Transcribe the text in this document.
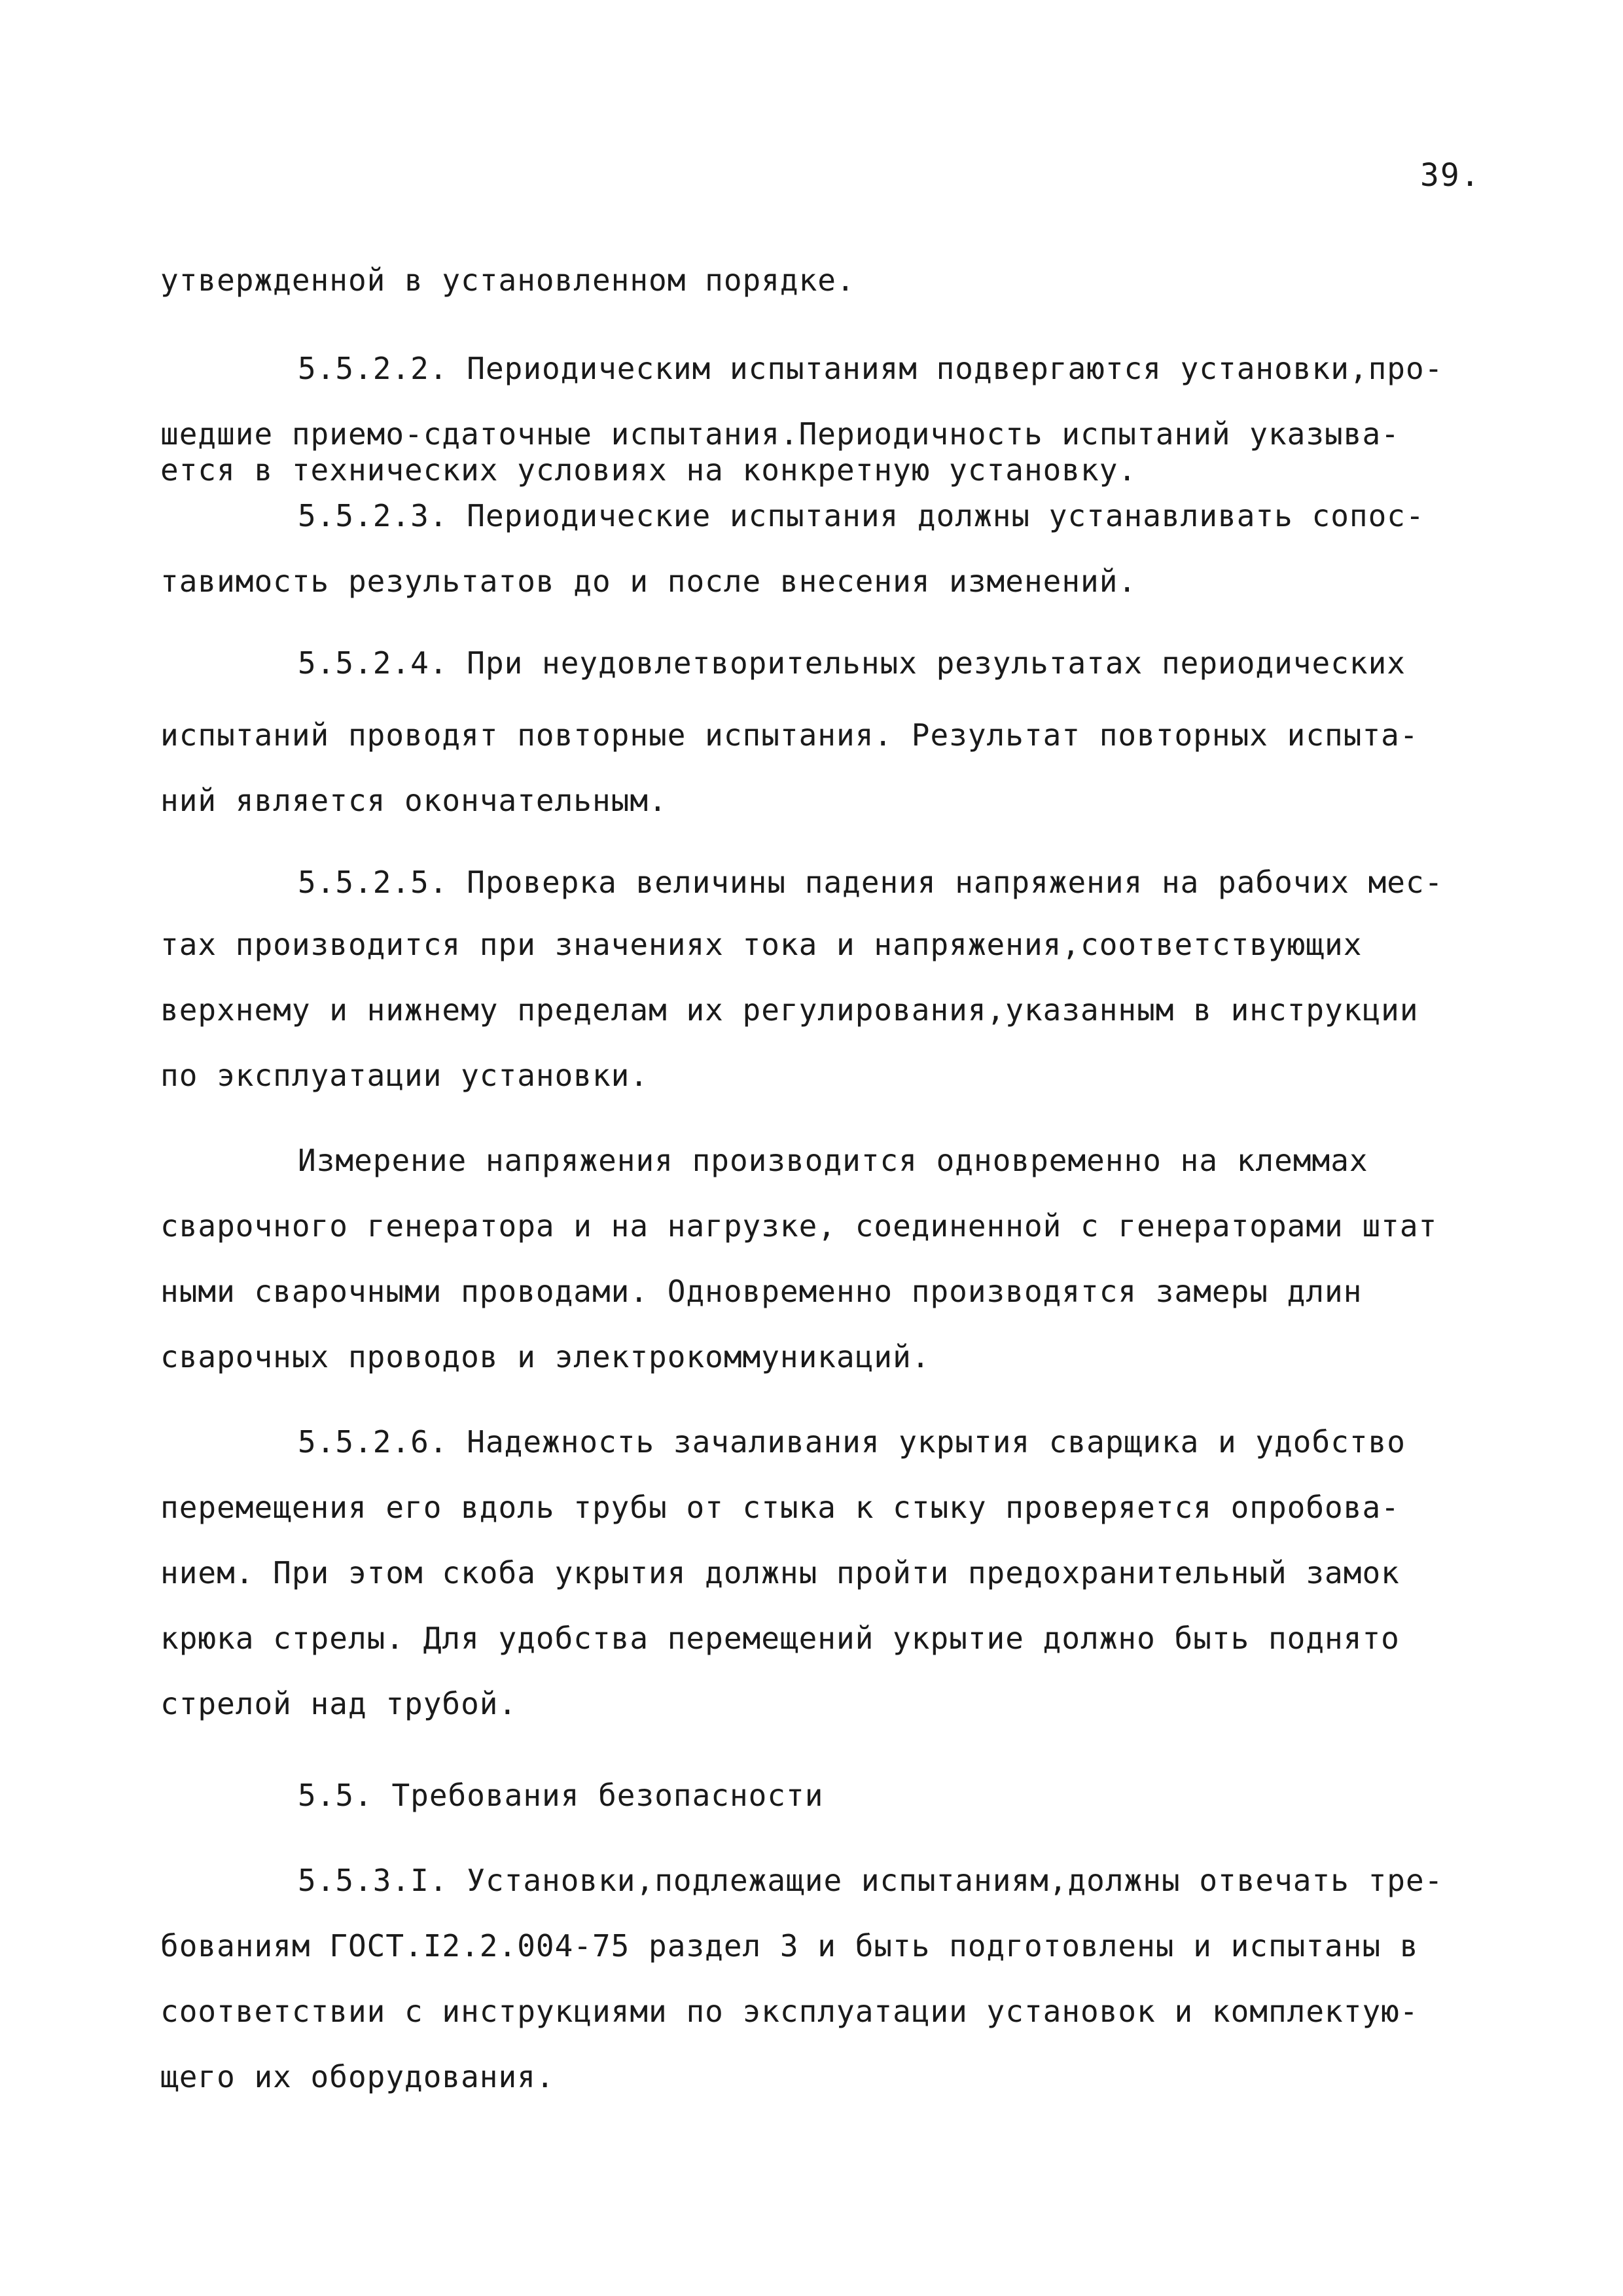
39.
утвержденной в установленном порядке.
5.5.2.2. Периодическим испытаниям подвергаются установки,про-
шедшие приемо-сдаточные испытания.Периодичность испытаний указыва-
ется в технических условиях на конкретную установку.
5.5.2.3. Периодические испытания должны устанавливать сопос-
тавимость результатов до и после внесения изменений.
5.5.2.4. При неудовлетворительных результатах периодических
испытаний проводят повторные испытания. Результат повторных испыта-
ний является окончательным.
5.5.2.5. Проверка величины падения напряжения на рабочих мес-
тах производится при значениях тока и напряжения,соответствующих
верхнему и нижнему пределам их регулирования,указанным в инструкции
по эксплуатации установки.
Измерение напряжения производится одновременно на клеммах
сварочного генератора и на нагрузке, соединенной с генераторами штат
ными сварочными проводами. Одновременно производятся замеры длин
сварочных проводов и электрокоммуникаций.
5.5.2.6. Надежность зачаливания укрытия сварщика и удобство
перемещения его вдоль трубы от стыка к стыку проверяется опробова-
нием. При этом скоба укрытия должны пройти предохранительный замок
крюка стрелы. Для удобства перемещений укрытие должно быть поднято
стрелой над трубой.
5.5. Требования безопасности
5.5.3.I. Установки,подлежащие испытаниям,должны отвечать тре-
бованиям ГОСТ.I2.2.004-75 раздел 3 и быть подготовлены и испытаны в
соответствии с инструкциями по эксплуатации установок и комплектую-
щего их оборудования.
